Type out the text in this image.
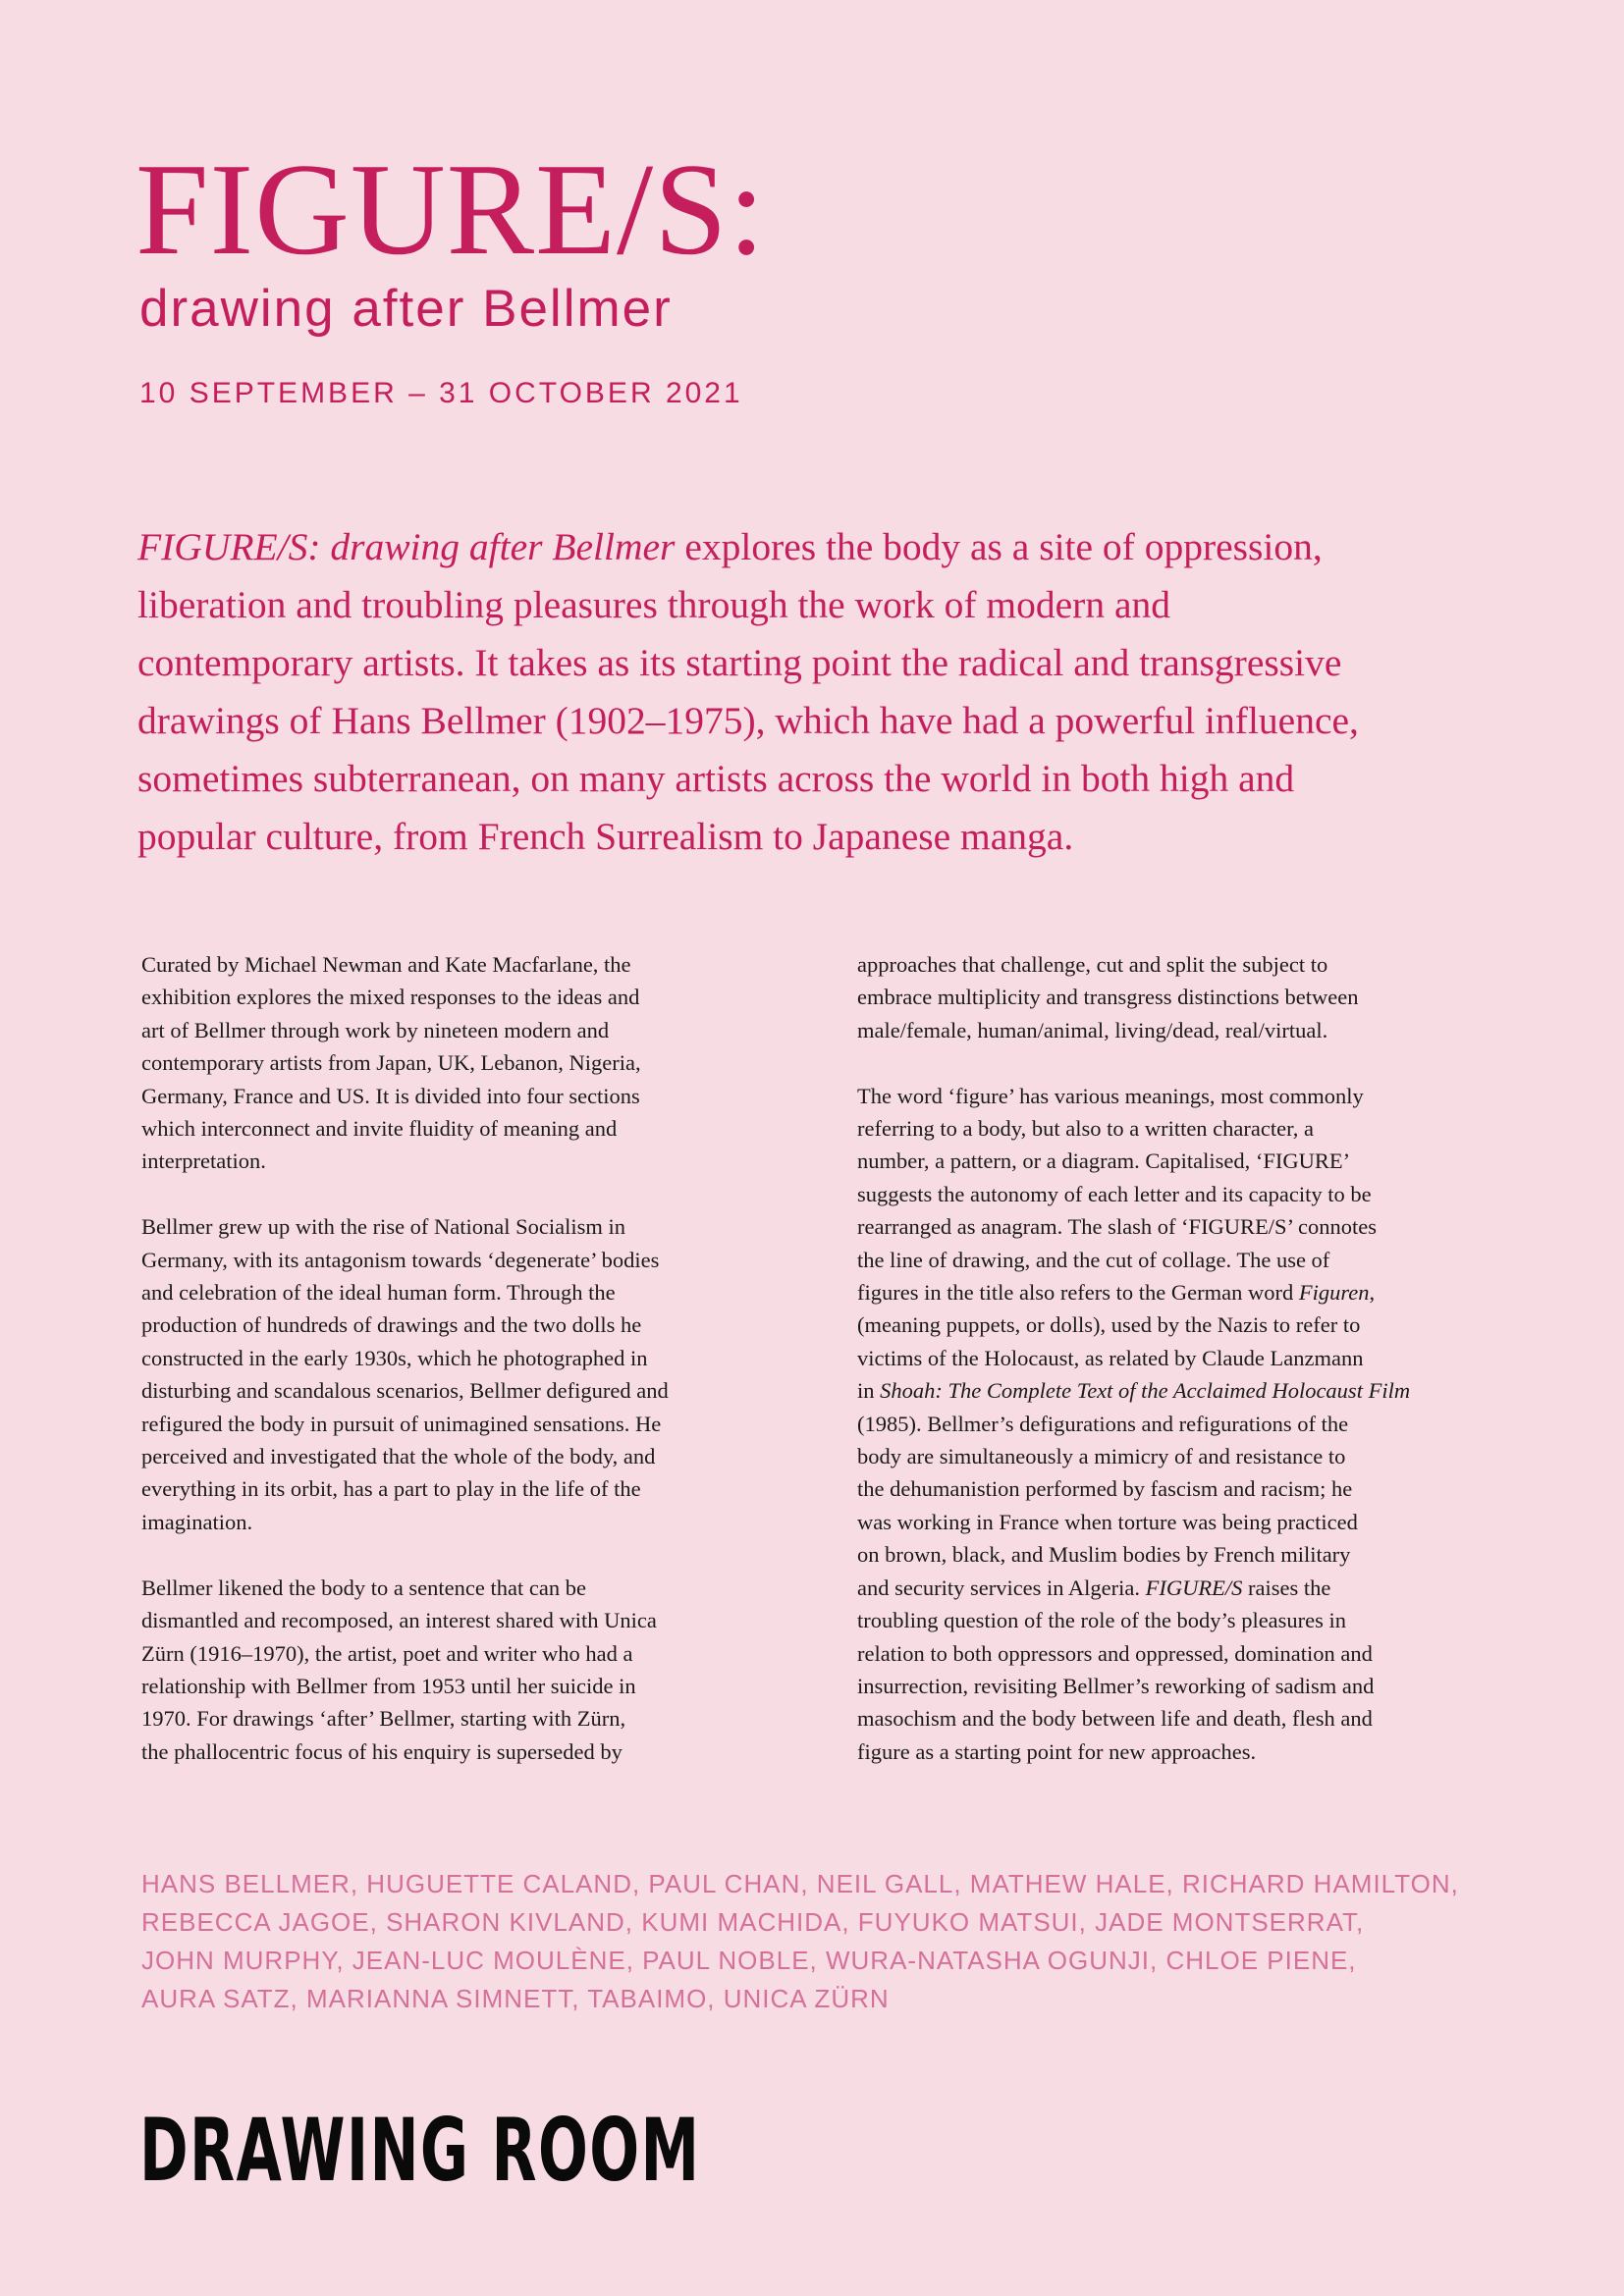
FIGURE/S:
drawing after Bellmer
10 SEPTEMBER – 31 OCTOBER 2021

FIGURE/S: drawing after Bellmer explores the body as a site of oppression,
liberation and troubling pleasures through the work of modern and
contemporary artists. It takes as its starting point the radical and transgressive
drawings of Hans Bellmer (1902–1975), which have had a powerful influence,
sometimes subterranean, on many artists across the world in both high and
popular culture, from French Surrealism to Japanese manga.

Curated by Michael Newman and Kate Macfarlane, the
exhibition explores the mixed responses to the ideas and
art of Bellmer through work by nineteen modern and
contemporary artists from Japan, UK, Lebanon, Nigeria,
Germany, France and US. It is divided into four sections
which interconnect and invite fluidity of meaning and
interpretation.

Bellmer grew up with the rise of National Socialism in
Germany, with its antagonism towards ‘degenerate’ bodies
and celebration of the ideal human form. Through the
production of hundreds of drawings and the two dolls he
constructed in the early 1930s, which he photographed in
disturbing and scandalous scenarios, Bellmer defigured and
refigured the body in pursuit of unimagined sensations. He
perceived and investigated that the whole of the body, and
everything in its orbit, has a part to play in the life of the
imagination.

Bellmer likened the body to a sentence that can be
dismantled and recomposed, an interest shared with Unica
Zürn (1916–1970), the artist, poet and writer who had a
relationship with Bellmer from 1953 until her suicide in
1970. For drawings ‘after’ Bellmer, starting with Zürn,
the phallocentric focus of his enquiry is superseded by

approaches that challenge, cut and split the subject to
embrace multiplicity and transgress distinctions between
male/female, human/animal, living/dead, real/virtual.

The word ‘figure’ has various meanings, most commonly
referring to a body, but also to a written character, a
number, a pattern, or a diagram. Capitalised, ‘FIGURE’
suggests the autonomy of each letter and its capacity to be
rearranged as anagram. The slash of ‘FIGURE/S’ connotes
the line of drawing, and the cut of collage. The use of
figures in the title also refers to the German word Figuren,
(meaning puppets, or dolls), used by the Nazis to refer to
victims of the Holocaust, as related by Claude Lanzmann
in Shoah: The Complete Text of the Acclaimed Holocaust Film
(1985). Bellmer’s defigurations and refigurations of the
body are simultaneously a mimicry of and resistance to
the dehumanistion performed by fascism and racism; he
was working in France when torture was being practiced
on brown, black, and Muslim bodies by French military
and security services in Algeria. FIGURE/S raises the
troubling question of the role of the body’s pleasures in
relation to both oppressors and oppressed, domination and
insurrection, revisiting Bellmer’s reworking of sadism and
masochism and the body between life and death, flesh and
figure as a starting point for new approaches.

HANS BELLMER, HUGUETTE CALAND, PAUL CHAN, NEIL GALL, MATHEW HALE, RICHARD HAMILTON,
REBECCA JAGOE, SHARON KIVLAND, KUMI MACHIDA, FUYUKO MATSUI, JADE MONTSERRAT,
JOHN MURPHY, JEAN-LUC MOULÈNE, PAUL NOBLE, WURA-NATASHA OGUNJI, CHLOE PIENE,
AURA SATZ, MARIANNA SIMNETT, TABAIMO, UNICA ZÜRN
DRAWING ROOM
